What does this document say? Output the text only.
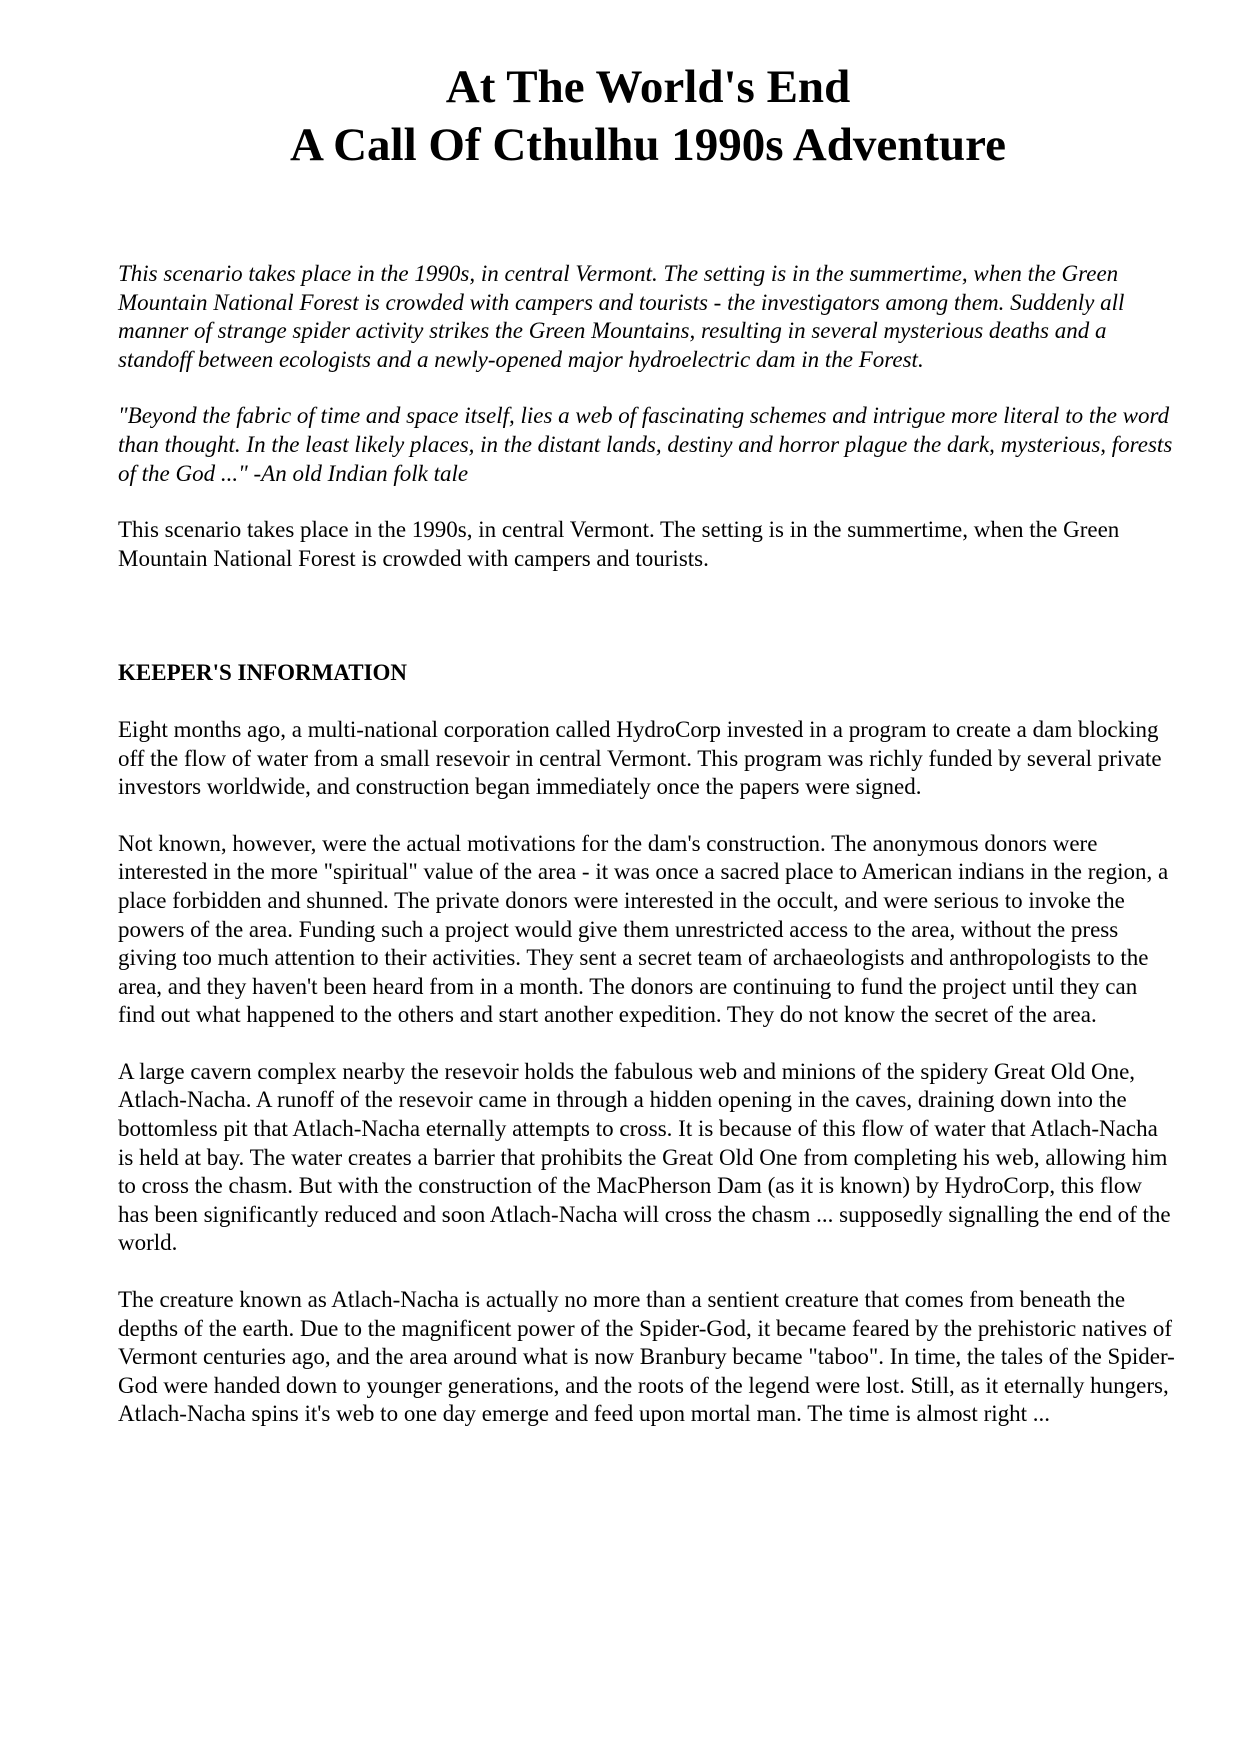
At The World's End
A Call Of Cthulhu 1990s Adventure

This scenario takes place in the 1990s, in central Vermont. The setting is in the summertime, when the Green Mountain National Forest is crowded with campers and tourists - the investigators among them. Suddenly all manner of strange spider activity strikes the Green Mountains, resulting in several mysterious deaths and a standoff between ecologists and a newly-opened major hydroelectric dam in the Forest.

"Beyond the fabric of time and space itself, lies a web of fascinating schemes and intrigue more literal to the word than thought. In the least likely places, in the distant lands, destiny and horror plague the dark, mysterious, forests of the God ..." -An old Indian folk tale

This scenario takes place in the 1990s, in central Vermont. The setting is in the summertime, when the Green Mountain National Forest is crowded with campers and tourists.

KEEPER'S INFORMATION

Eight months ago, a multi-national corporation called HydroCorp invested in a program to create a dam blocking off the flow of water from a small resevoir in central Vermont. This program was richly funded by several private investors worldwide, and construction began immediately once the papers were signed.

Not known, however, were the actual motivations for the dam's construction. The anonymous donors were interested in the more "spiritual" value of the area - it was once a sacred place to American indians in the region, a place forbidden and shunned. The private donors were interested in the occult, and were serious to invoke the powers of the area. Funding such a project would give them unrestricted access to the area, without the press giving too much attention to their activities. They sent a secret team of archaeologists and anthropologists to the area, and they haven't been heard from in a month. The donors are continuing to fund the project until they can find out what happened to the others and start another expedition. They do not know the secret of the area.

A large cavern complex nearby the resevoir holds the fabulous web and minions of the spidery Great Old One, Atlach-Nacha. A runoff of the resevoir came in through a hidden opening in the caves, draining down into the bottomless pit that Atlach-Nacha eternally attempts to cross. It is because of this flow of water that Atlach-Nacha is held at bay. The water creates a barrier that prohibits the Great Old One from completing his web, allowing him to cross the chasm. But with the construction of the MacPherson Dam (as it is known) by HydroCorp, this flow has been significantly reduced and soon Atlach-Nacha will cross the chasm ... supposedly signalling the end of the world.

The creature known as Atlach-Nacha is actually no more than a sentient creature that comes from beneath the depths of the earth. Due to the magnificent power of the Spider-God, it became feared by the prehistoric natives of Vermont centuries ago, and the area around what is now Branbury became "taboo". In time, the tales of the Spider-God were handed down to younger generations, and the roots of the legend were lost. Still, as it eternally hungers, Atlach-Nacha spins it's web to one day emerge and feed upon mortal man. The time is almost right ...
